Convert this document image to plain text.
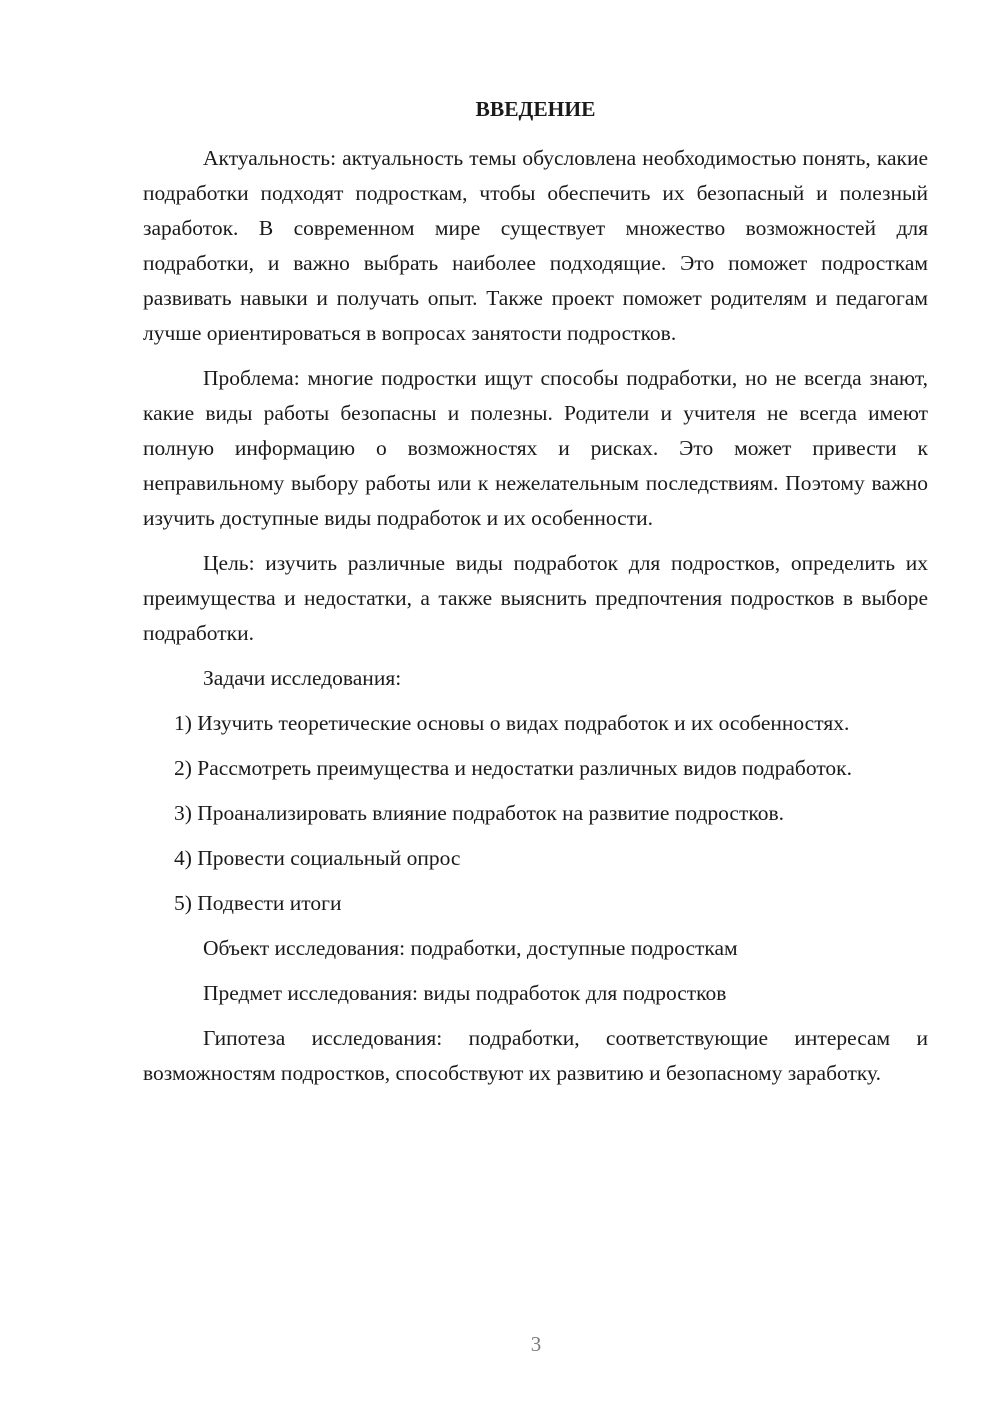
ВВЕДЕНИЕ

Актуальность: актуальность темы обусловлена необходимостью понять, какие подработки подходят подросткам, чтобы обеспечить их безопасный и полезный заработок. В современном мире существует множество возможностей для подработки, и важно выбрать наиболее подходящие. Это поможет подросткам развивать навыки и получать опыт. Также проект поможет родителям и педагогам лучше ориентироваться в вопросах занятости подростков.

Проблема: многие подростки ищут способы подработки, но не всегда знают, какие виды работы безопасны и полезны. Родители и учителя не всегда имеют полную информацию о возможностях и рисках. Это может привести к неправильному выбору работы или к нежелательным последствиям. Поэтому важно изучить доступные виды подработок и их особенности.

Цель: изучить различные виды подработок для подростков, определить их преимущества и недостатки, а также выяснить предпочтения подростков в выборе подработки.

Задачи исследования:

1) Изучить теоретические основы о видах подработок и их особенностях.

2) Рассмотреть преимущества и недостатки различных видов подработок.

3) Проанализировать влияние подработок на развитие подростков.

4) Провести социальный опрос

5) Подвести итоги

Объект исследования: подработки, доступные подросткам

Предмет исследования: виды подработок для подростков

Гипотеза исследования: подработки, соответствующие интересам и возможностям подростков, способствуют их развитию и безопасному заработку.

3
